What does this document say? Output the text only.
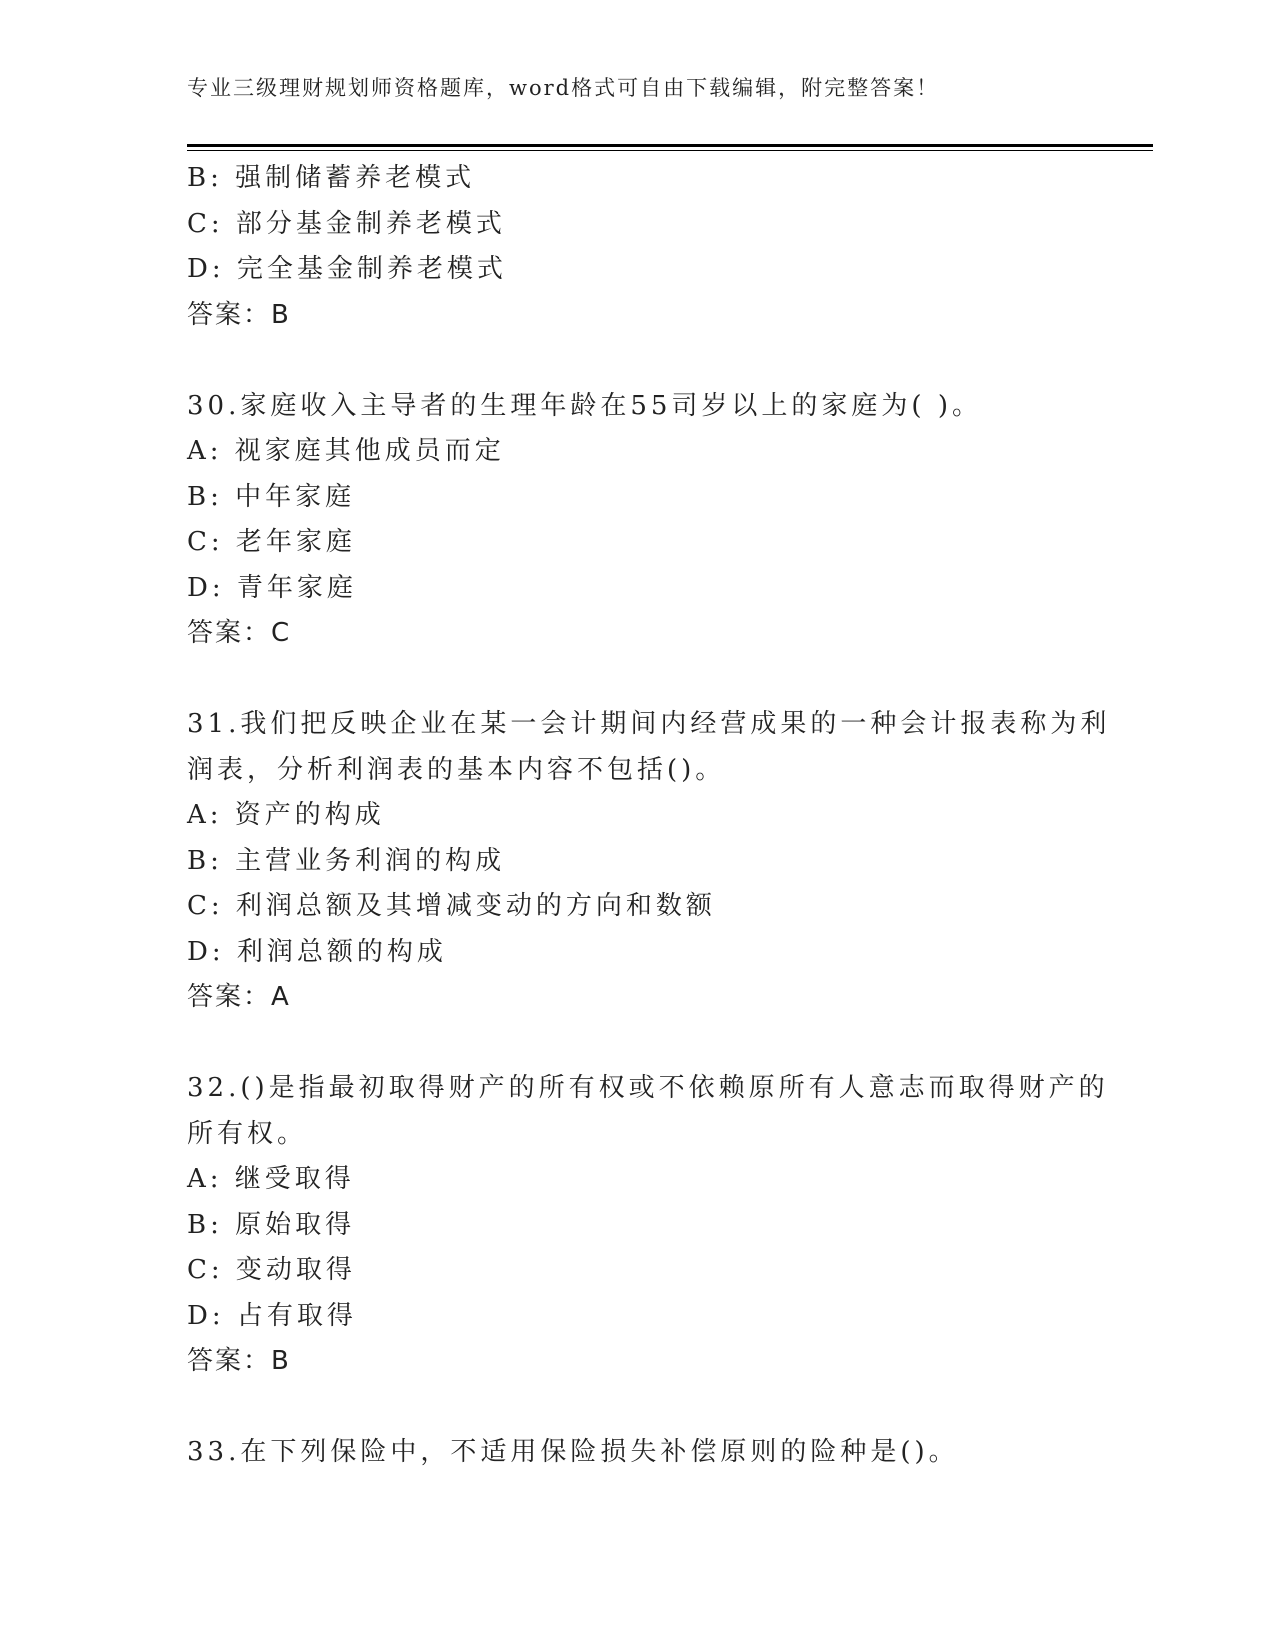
专业三级理财规划师资格题库，word格式可自由下载编辑，附完整答案！
B: 强制储蓄养老模式
C: 部分基金制养老模式
D: 完全基金制养老模式
答案：B
30.家庭收入主导者的生理年龄在55司岁以上的家庭为( )。
A: 视家庭其他成员而定
B: 中年家庭
C: 老年家庭
D: 青年家庭
答案：C
31.我们把反映企业在某一会计期间内经营成果的一种会计报表称为利
润表，分析利润表的基本内容不包括()。
A: 资产的构成
B: 主营业务利润的构成
C: 利润总额及其增减变动的方向和数额
D: 利润总额的构成
答案：A
32.()是指最初取得财产的所有权或不依赖原所有人意志而取得财产的
所有权。
A: 继受取得
B: 原始取得
C: 变动取得
D: 占有取得
答案：B
33.在下列保险中，不适用保险损失补偿原则的险种是()。
